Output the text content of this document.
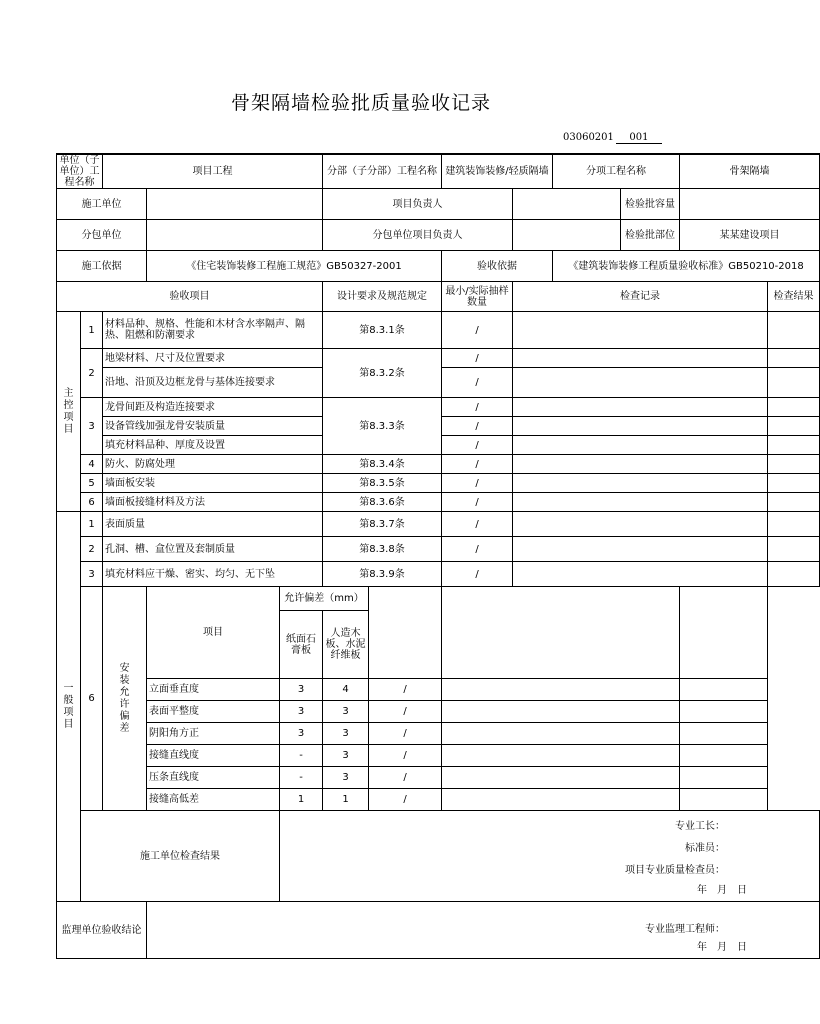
骨架隔墙检验批质量验收记录
03060201 001
单位（子单位）工程名称		项目工程			分部（子分部）工程名称		建筑装饰装修/轻质隔墙		分项工程名称		骨架隔墙	
施工单位					项目负责人					检验批容量		
分包单位					分包单位项目负责人					检验批部位	某某建设项目	
施工依据			《住宅装饰装修工程施工规范》GB50327-2001				验收依据		《建筑装饰装修工程质量验收标准》GB50210-2018			
验收项目					设计要求及规范规定		最小/实际抽样数量	检查记录				检查结果
主控项目	1	材料品种、规格、性能和木材含水率隔声、隔热、阻燃和防潮要求			第8.3.1条		/					
	2	地梁材料、尺寸及位置要求			第8.3.2条		/					
		沿地、沿顶及边框龙骨与基体连接要求					/					
	3	龙骨间距及构造连接要求			第8.3.3条		/					
		设备管线加强龙骨安装质量					/					
		填充材料品种、厚度及设置					/					
	4	防火、防腐处理			第8.3.4条		/					
	5	墙面板安装			第8.3.5条		/					
	6	墙面板接缝材料及方法			第8.3.6条		/					

一般项目	1	表面质量			第8.3.7条		/					
	2	孔洞、槽、盒位置及套制质量			第8.3.8条		/					
	3	填充材料应干燥、密实、均匀、无下坠			第8.3.9条		/					
	6	安装允许偏差	项目	允许偏差（mm）								
				纸面石膏板	人造木板、水泥纤维板							

			立面垂直度	3	4	/						
			表面平整度	3	3	/						
			阴阳角方正	3	3	/						
			接缝直线度	-	3	/						
			压条直线度	-	3	/						
			接缝高低差	1	1	/						
	施工单位检查结果			专业工长：
标准员：
项目专业质量检查员：
年　月　日								

监理单位验收结论			专业监理工程师：
年　月　日									
